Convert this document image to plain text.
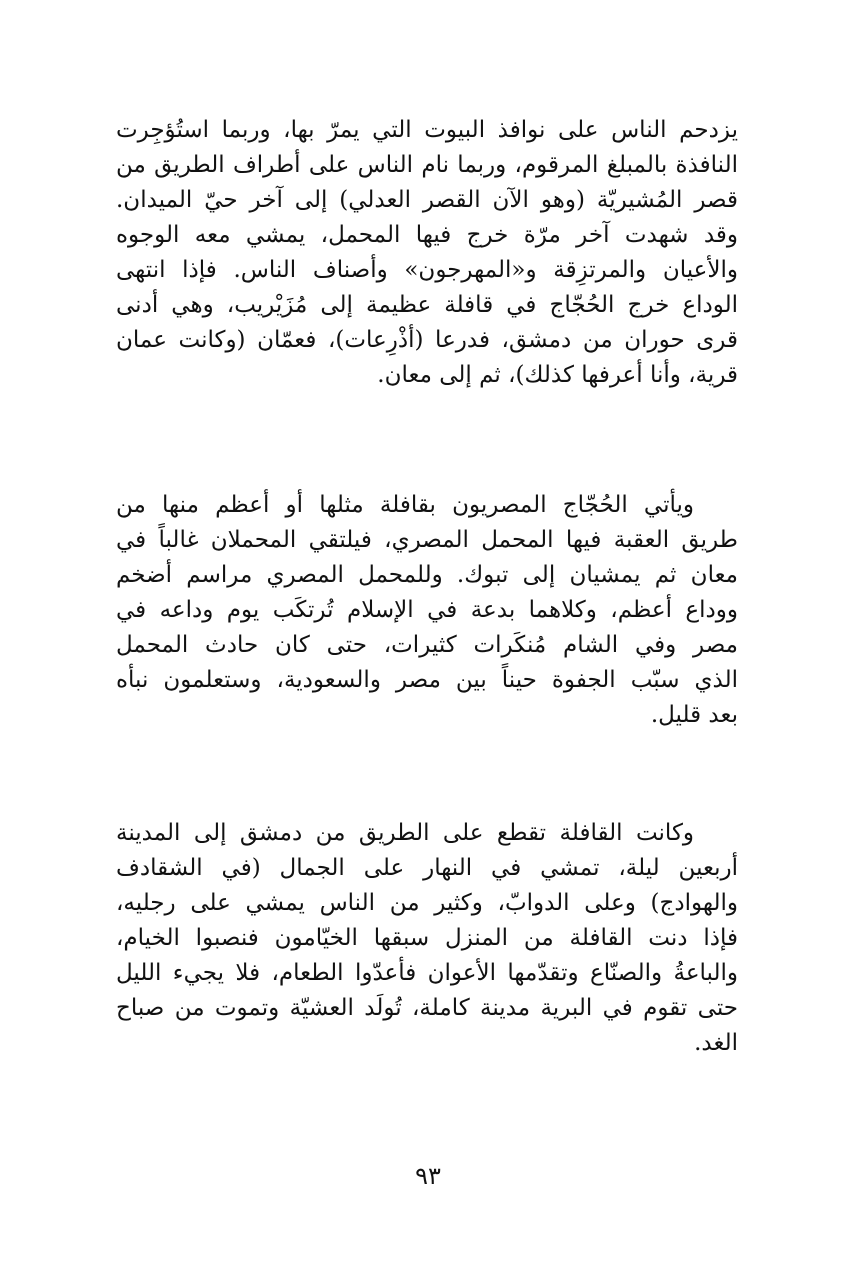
يزدحم الناس على نوافذ البيوت التي يمرّ بها، وربما استُؤجِرت
النافذة بالمبلغ المرقوم، وربما نام الناس على أطراف الطريق من
قصر المُشيريّة (وهو الآن القصر العدلي) إلى آخر حيّ الميدان.
وقد شهدت آخر مرّة خرج فيها المحمل، يمشي معه الوجوه
والأعيان والمرتزِقة و«المهرجون» وأصناف الناس. فإذا انتهى
الوداع خرج الحُجّاج في قافلة عظيمة إلى مُزَيْريب، وهي أدنى
قرى حوران من دمشق، فدرعا (أذْرِعات)، فعمّان (وكانت عمان
قرية، وأنا أعرفها كذلك)، ثم إلى معان.
ويأتي الحُجّاج المصريون بقافلة مثلها أو أعظم منها من
طريق العقبة فيها المحمل المصري، فيلتقي المحملان غالباً في
معان ثم يمشيان إلى تبوك. وللمحمل المصري مراسم أضخم
ووداع أعظم، وكلاهما بدعة في الإسلام تُرتكَب يوم وداعه في
مصر وفي الشام مُنكَرات كثيرات، حتى كان حادث المحمل
الذي سبّب الجفوة حيناً بين مصر والسعودية، وستعلمون نبأه
بعد قليل.
وكانت القافلة تقطع على الطريق من دمشق إلى المدينة
أربعين ليلة، تمشي في النهار على الجمال (في الشقادف
والهوادج) وعلى الدوابّ، وكثير من الناس يمشي على رجليه،
فإذا دنت القافلة من المنزل سبقها الخيّامون فنصبوا الخيام،
والباعةُ والصنّاع وتقدّمها الأعوان فأعدّوا الطعام، فلا يجيء الليل
حتى تقوم في البرية مدينة كاملة، تُولَد العشيّة وتموت من صباح
الغد.
٩٣
